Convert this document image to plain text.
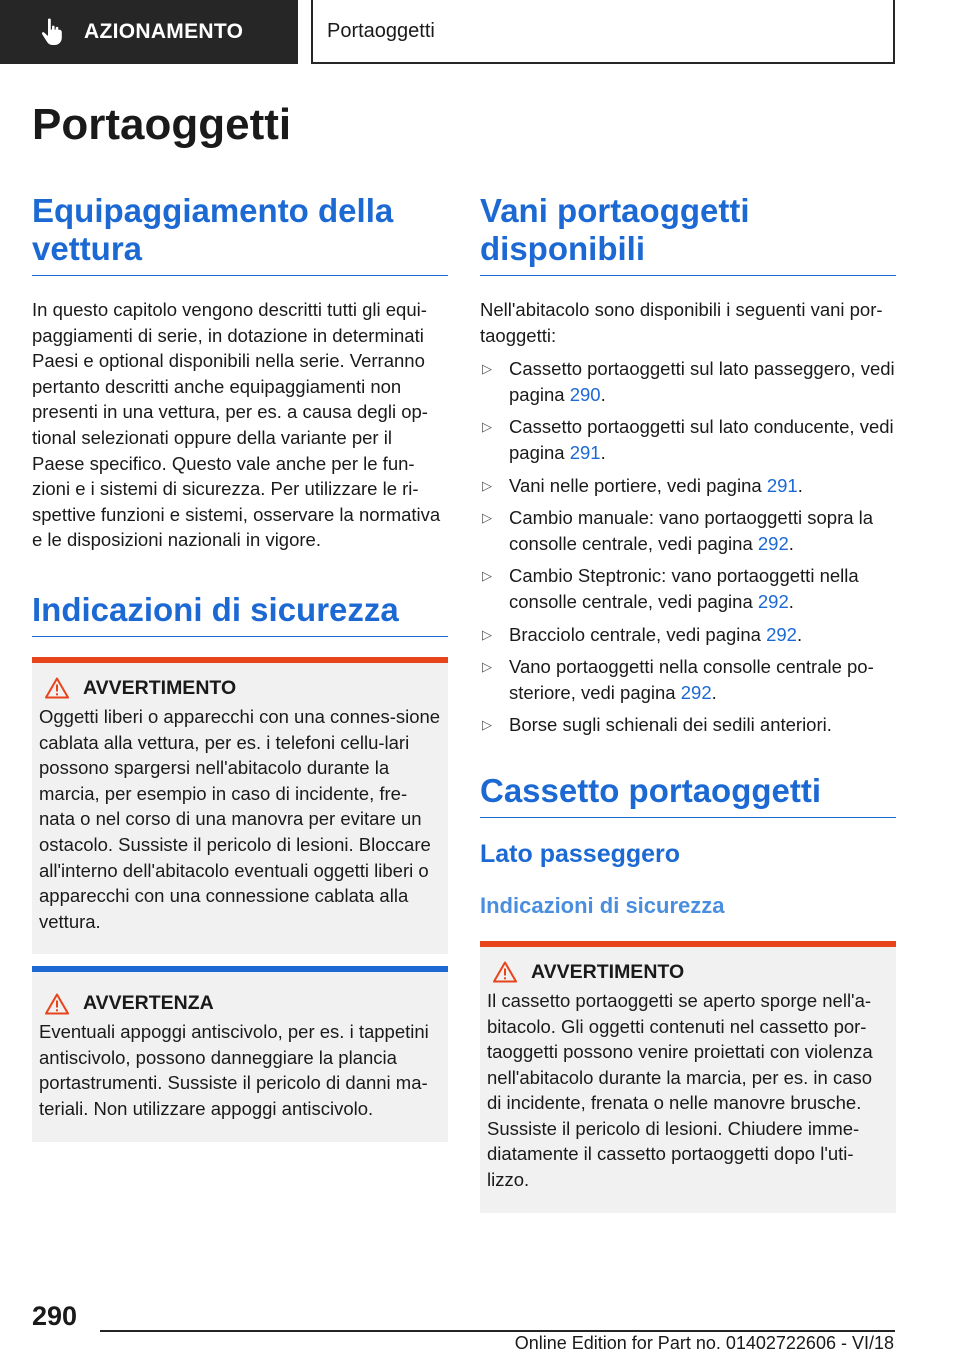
AZIONAMENTO	Portaoggetti
Portaoggetti
Equipaggiamento della vettura

In questo capitolo vengono descritti tutti gli equi-paggiamenti di serie, in dotazione in determinati Paesi e optional disponibili nella serie. Verranno pertanto descritti anche equipaggiamenti non presenti in una vettura, per es. a causa degli op-tional selezionati oppure della variante per il Paese specifico. Questo vale anche per le fun-zioni e i sistemi di sicurezza. Per utilizzare le ri-spettive funzioni e sistemi, osservare la normativa e le disposizioni nazionali in vigore.

Indicazioni di sicurezza
AVVERTIMENTO

Oggetti liberi o apparecchi con una connes-sione cablata alla vettura, per es. i telefoni cellu-lari possono spargersi nell'abitacolo durante la marcia, per esempio in caso di incidente, fre-nata o nel corso di una manovra per evitare un ostacolo. Sussiste il pericolo di lesioni. Bloccare all'interno dell'abitacolo eventuali oggetti liberi o apparecchi con una connessione cablata alla vettura.

AVVERTENZA

Eventuali appoggi antiscivolo, per es. i tappetini antiscivolo, possono danneggiare la plancia portastrumenti. Sussiste il pericolo di danni ma-teriali. Non utilizzare appoggi antiscivolo.

Vani portaoggetti disponibili

Nell'abitacolo sono disponibili i seguenti vani por-taoggetti:

▷ Cassetto portaoggetti sul lato passeggero, vedi pagina 290.
▷ Cassetto portaoggetti sul lato conducente, vedi pagina 291.
▷ Vani nelle portiere, vedi pagina 291.
▷ Cambio manuale: vano portaoggetti sopra la consolle centrale, vedi pagina 292.
▷ Cambio Steptronic: vano portaoggetti nella consolle centrale, vedi pagina 292.
▷ Bracciolo centrale, vedi pagina 292.
▷ Vano portaoggetti nella consolle centrale po-steriore, vedi pagina 292.
▷ Borse sugli schienali dei sedili anteriori.
Cassetto portaoggetti
Lato passeggero
Indicazioni di sicurezza
AVVERTIMENTO

Il cassetto portaoggetti se aperto sporge nell'a-bitacolo. Gli oggetti contenuti nel cassetto por-taoggetti possono venire proiettati con violenza nell'abitacolo durante la marcia, per es. in caso di incidente, frenata o nelle manovre brusche. Sussiste il pericolo di lesioni. Chiudere imme-diatamente il cassetto portaoggetti dopo l'uti-lizzo.

290
Online Edition for Part no. 01402722606 - VI/18
